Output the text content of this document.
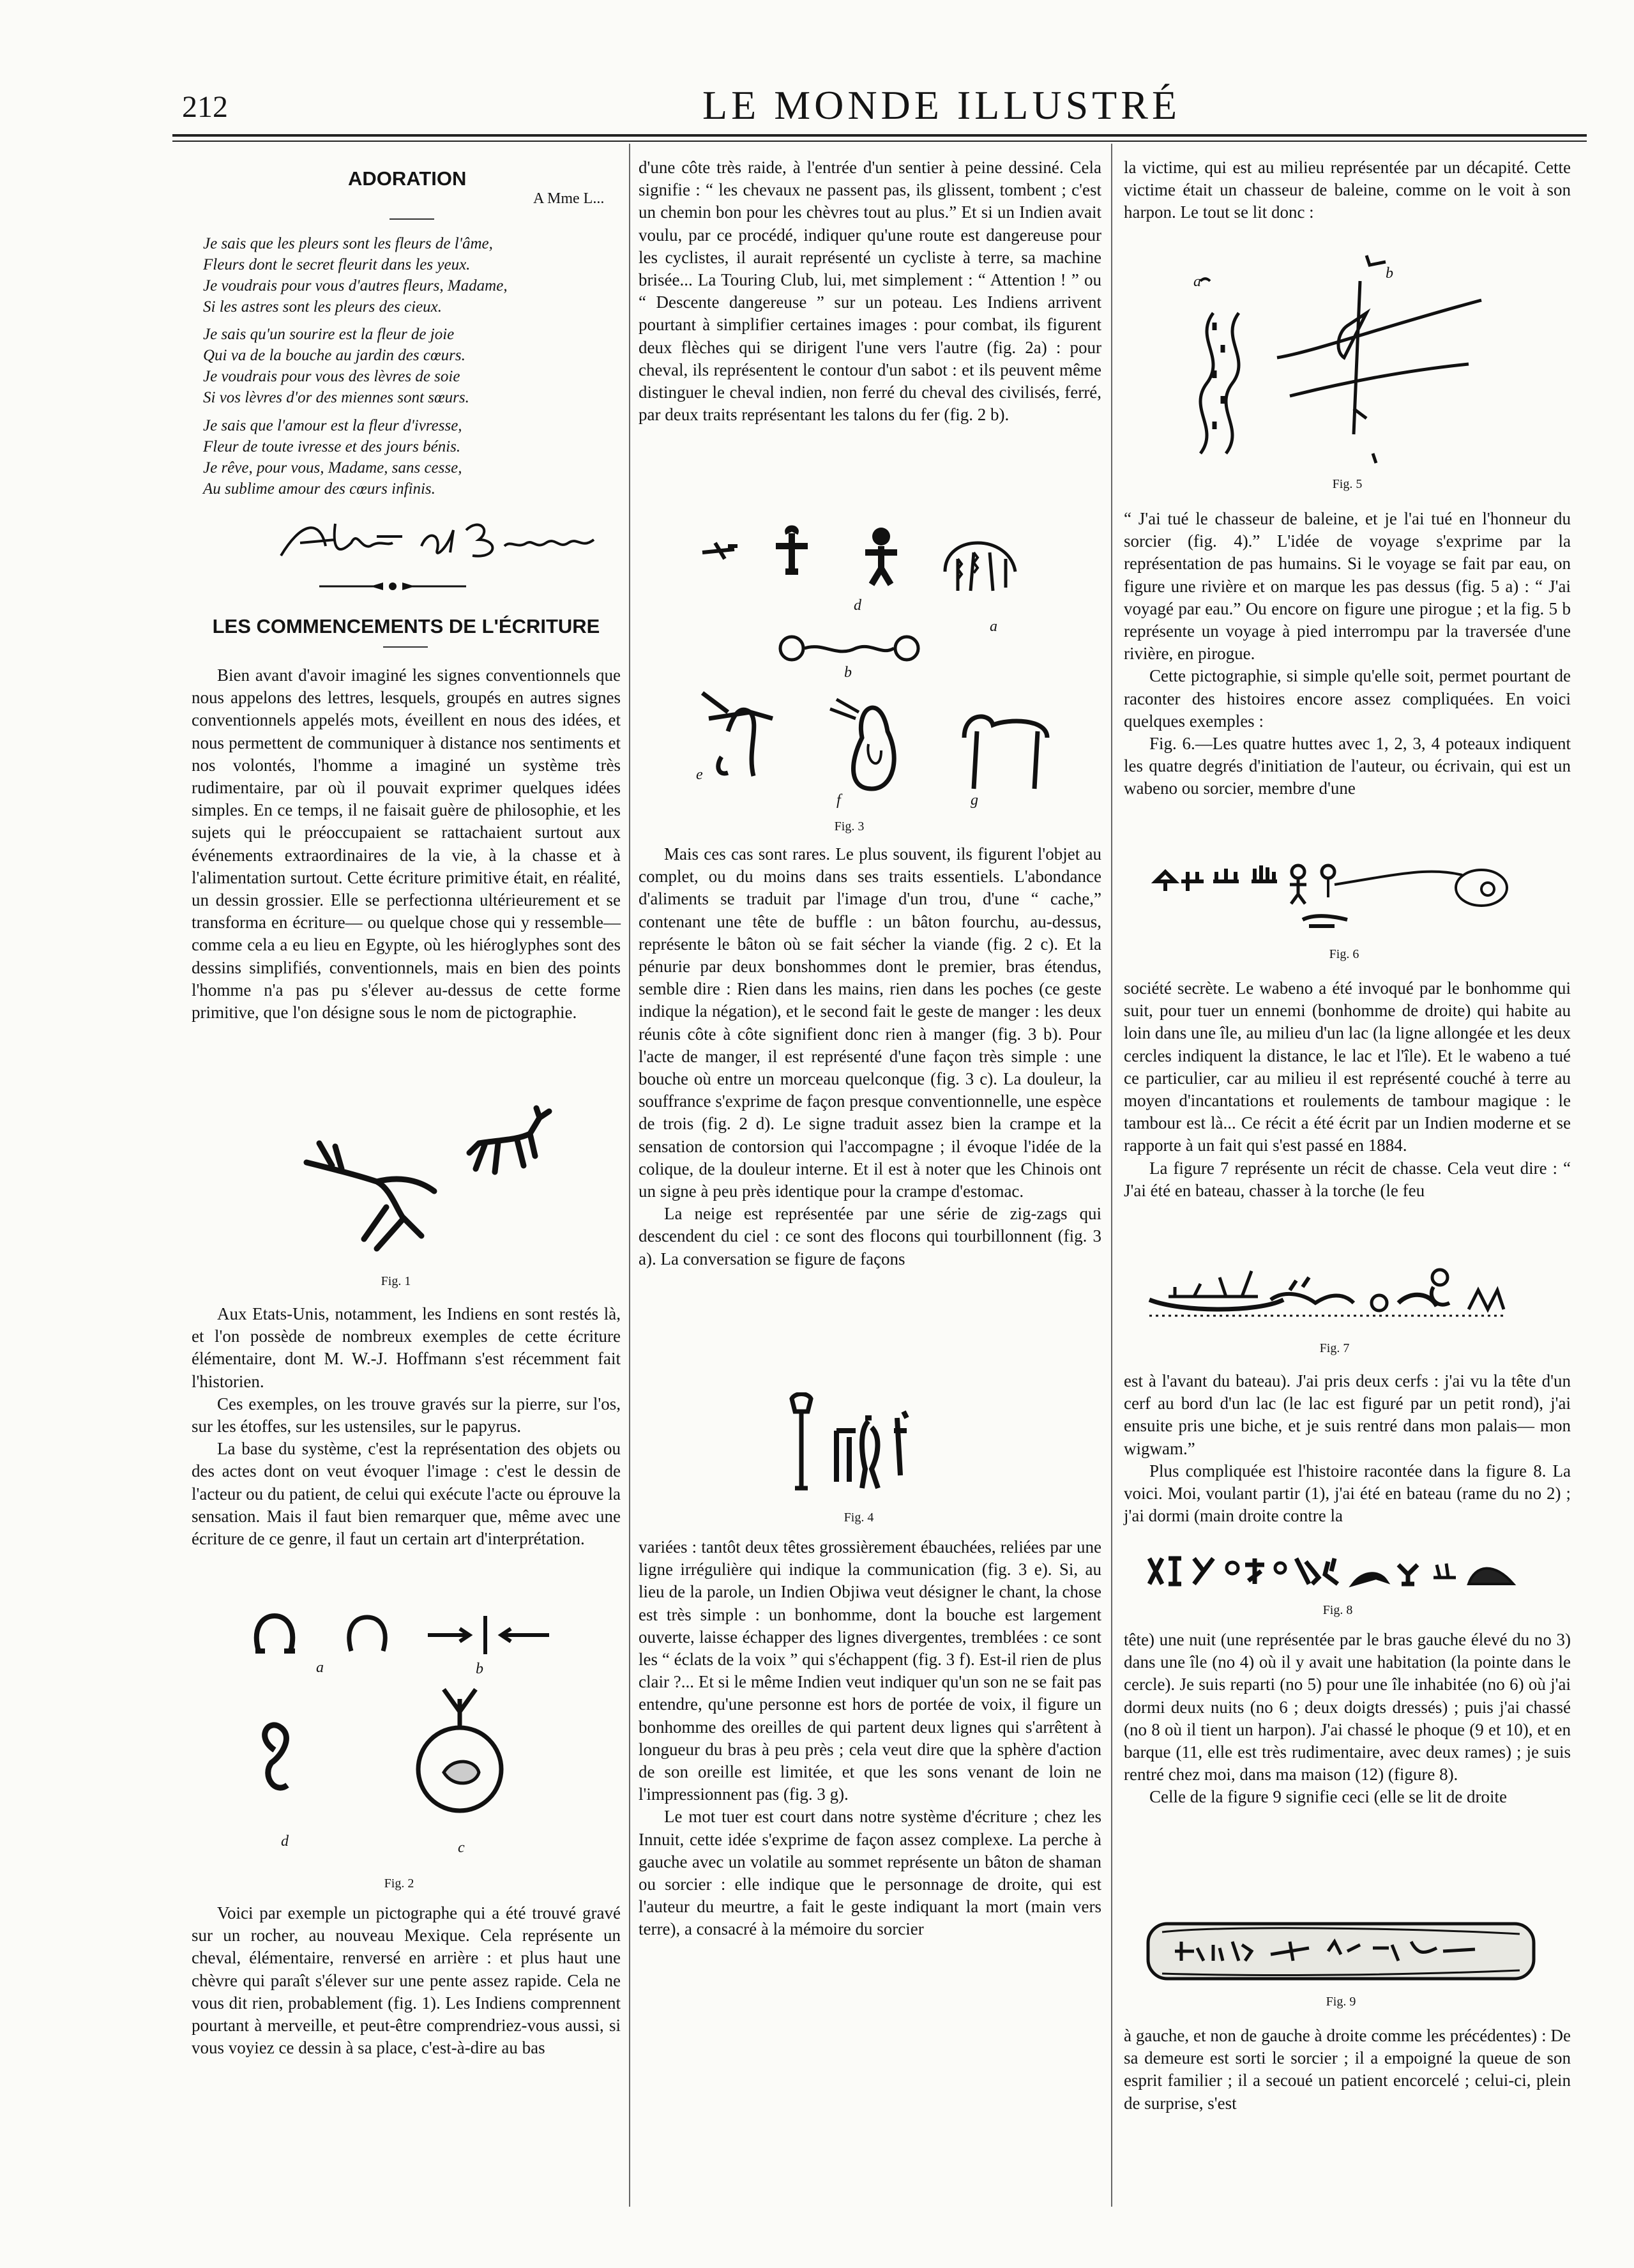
212	LE MONDE ILLUSTRÉ
ADORATION
A Mme L...
Je sais que les pleurs sont les fleurs de l'âme,
Fleurs dont le secret fleurit dans les yeux.
Je voudrais pour vous d'autres fleurs, Madame,
Si les astres sont les pleurs des cieux.
Je sais qu'un sourire est la fleur de joie
Qui va de la bouche au jardin des cœurs.
Je voudrais pour vous des lèvres de soie
Si vos lèvres d'or des miennes sont sœurs.
Je sais que l'amour est la fleur d'ivresse,
Fleur de toute ivresse et des jours bénis.
Je rêve, pour vous, Madame, sans cesse,
Au sublime amour des cœurs infinis.
LES COMMENCEMENTS DE L'ÉCRITURE

Bien avant d'avoir imaginé les signes conventionnels que nous appelons des lettres, lesquels, groupés en autres signes conventionnels appelés mots, éveillent en nous des idées, et nous permettent de communiquer à distance nos sentiments et nos volontés, l'homme a imaginé un système très rudimentaire, par où il pouvait exprimer quelques idées simples. En ce temps, il ne faisait guère de philosophie, et les sujets qui le préoccupaient se rattachaient surtout aux événements extraordinaires de la vie, à la chasse et à l'alimentation surtout. Cette écriture primitive était, en réalité, un dessin grossier. Elle se perfectionna ultérieurement et se transforma en écriture— ou quelque chose qui y ressemble— comme cela a eu lieu en Egypte, où les hiéroglyphes sont des dessins simplifiés, conventionnels, mais en bien des points l'homme n'a pas pu s'élever au-dessus de cette forme primitive, que l'on désigne sous le nom de pictographie.

Fig. 1

Aux Etats-Unis, notamment, les Indiens en sont restés là, et l'on possède de nombreux exemples de cette écriture élémentaire, dont M. W.-J. Hoffmann s'est récemment fait l'historien.

Ces exemples, on les trouve gravés sur la pierre, sur l'os, sur les étoffes, sur les ustensiles, sur le papyrus.

La base du système, c'est la représentation des objets ou des actes dont on veut évoquer l'image : c'est le dessin de l'acteur ou du patient, de celui qui exécute l'acte ou éprouve la sensation. Mais il faut bien remarquer que, même avec une écriture de ce genre, il faut un certain art d'interprétation.

a	b
d	c
Fig. 2

Voici par exemple un pictographe qui a été trouvé gravé sur un rocher, au nouveau Mexique. Cela représente un cheval, élémentaire, renversé en arrière : et plus haut une chèvre qui paraît s'élever sur une pente assez rapide. Cela ne vous dit rien, probablement (fig. 1). Les Indiens comprennent pourtant à merveille, et peut-être comprendriez-vous aussi, si vous voyiez ce dessin à sa place, c'est-à-dire au bas

d'une côte très raide, à l'entrée d'un sentier à peine dessiné. Cela signifie : “ les chevaux ne passent pas, ils glissent, tombent ; c'est un chemin bon pour les chèvres tout au plus.” Et si un Indien avait voulu, par ce procédé, indiquer qu'une route est dangereuse pour les cyclistes, il aurait représenté un cycliste à terre, sa machine brisée... La Touring Club, lui, met simplement : “ Attention ! ” ou “ Descente dangereuse ” sur un poteau. Les Indiens arrivent pourtant à simplifier certaines images : pour combat, ils figurent deux flèches qui se dirigent l'une vers l'autre (fig. 2a) : pour cheval, ils représentent le contour d'un sabot : et ils peuvent même distinguer le cheval indien, non ferré du cheval des civilisés, ferré, par deux traits représentant les talons du fer (fig. 2 b).

a
d
b
e
f	g
Fig. 3

Mais ces cas sont rares. Le plus souvent, ils figurent l'objet au complet, ou du moins dans ses traits essentiels. L'abondance d'aliments se traduit par l'image d'un trou, d'une “ cache,” contenant une tête de buffle : un bâton fourchu, au-dessus, représente le bâton où se fait sécher la viande (fig. 2 c). Et la pénurie par deux bonshommes dont le premier, bras étendus, semble dire : Rien dans les mains, rien dans les poches (ce geste indique la négation), et le second fait le geste de manger : les deux réunis côte à côte signifient donc rien à manger (fig. 3 b). Pour l'acte de manger, il est représenté d'une façon très simple : une bouche où entre un morceau quelconque (fig. 3 c). La douleur, la souffrance s'exprime de façon presque conventionnelle, une espèce de trois (fig. 2 d). Le signe traduit assez bien la crampe et la sensation de contorsion qui l'accompagne ; il évoque l'idée de la colique, de la douleur interne. Et il est à noter que les Chinois ont un signe à peu près identique pour la crampe d'estomac.

La neige est représentée par une série de zig-zags qui descendent du ciel : ce sont des flocons qui tourbillonnent (fig. 3 a). La conversation se figure de façons

Fig. 4

variées : tantôt deux têtes grossièrement ébauchées, reliées par une ligne irrégulière qui indique la communication (fig. 3 e). Si, au lieu de la parole, un Indien Objiwa veut désigner le chant, la chose est très simple : un bonhomme, dont la bouche est largement ouverte, laisse échapper des lignes divergentes, tremblées : ce sont les “ éclats de la voix ” qui s'échappent (fig. 3 f). Est-il rien de plus clair ?... Et si le même Indien veut indiquer qu'un son ne se fait pas entendre, qu'une personne est hors de portée de voix, il figure un bonhomme des oreilles de qui partent deux lignes qui s'arrêtent à longueur du bras à peu près ; cela veut dire que la sphère d'action de son oreille est limitée, et que les sons venant de loin ne l'impressionnent pas (fig. 3 g).

Le mot tuer est court dans notre système d'écriture ; chez les Innuit, cette idée s'exprime de façon assez complexe. La perche à gauche avec un volatile au sommet représente un bâton de shaman ou sorcier : elle indique que le personnage de droite, qui est l'auteur du meurtre, a fait le geste indiquant la mort (main vers terre), a consacré à la mémoire du sorcier

la victime, qui est au milieu représentée par un décapité. Cette victime était un chasseur de baleine, comme on le voit à son harpon. Le tout se lit donc :

a	b
Fig. 5

“ J'ai tué le chasseur de baleine, et je l'ai tué en l'honneur du sorcier (fig. 4).” L'idée de voyage s'exprime par la représentation de pas humains. Si le voyage se fait par eau, on figure une rivière et on marque les pas dessus (fig. 5 a) : “ J'ai voyagé par eau.” Ou encore on figure une pirogue ; et la fig. 5 b représente un voyage à pied interrompu par la traversée d'une rivière, en pirogue.

Cette pictographie, si simple qu'elle soit, permet pourtant de raconter des histoires encore assez compliquées. En voici quelques exemples :

Fig. 6.—Les quatre huttes avec 1, 2, 3, 4 poteaux indiquent les quatre degrés d'initiation de l'auteur, ou écrivain, qui est un wabeno ou sorcier, membre d'une

Fig. 6

société secrète. Le wabeno a été invoqué par le bonhomme qui suit, pour tuer un ennemi (bonhomme de droite) qui habite au loin dans une île, au milieu d'un lac (la ligne allongée et les deux cercles indiquent la distance, le lac et l'île). Et le wabeno a tué ce particulier, car au milieu il est représenté couché à terre au moyen d'incantations et roulements de tambour magique : le tambour est là... Ce récit a été écrit par un Indien moderne et se rapporte à un fait qui s'est passé en 1884.

La figure 7 représente un récit de chasse. Cela veut dire : “ J'ai été en bateau, chasser à la torche (le feu

Fig. 7

est à l'avant du bateau). J'ai pris deux cerfs : j'ai vu la tête d'un cerf au bord d'un lac (le lac est figuré par un petit rond), j'ai ensuite pris une biche, et je suis rentré dans mon palais— mon wigwam.”

Plus compliquée est l'histoire racontée dans la figure 8. La voici. Moi, voulant partir (1), j'ai été en bateau (rame du no 2) ; j'ai dormi (main droite contre la

Fig. 8

tête) une nuit (une représentée par le bras gauche élevé du no 3) dans une île (no 4) où il y avait une habitation (la pointe dans le cercle). Je suis reparti (no 5) pour une île inhabitée (no 6) où j'ai dormi deux nuits (no 6 ; deux doigts dressés) ; puis j'ai chassé (no 8 où il tient un harpon). J'ai chassé le phoque (9 et 10), et en barque (11, elle est très rudimentaire, avec deux rames) ; je suis rentré chez moi, dans ma maison (12) (figure 8).

Celle de la figure 9 signifie ceci (elle se lit de droite

Fig. 9

à gauche, et non de gauche à droite comme les précédentes) : De sa demeure est sorti le sorcier ; il a empoigné la queue de son esprit familier ; il a secoué un patient encorcelé ; celui-ci, plein de surprise, s'est
